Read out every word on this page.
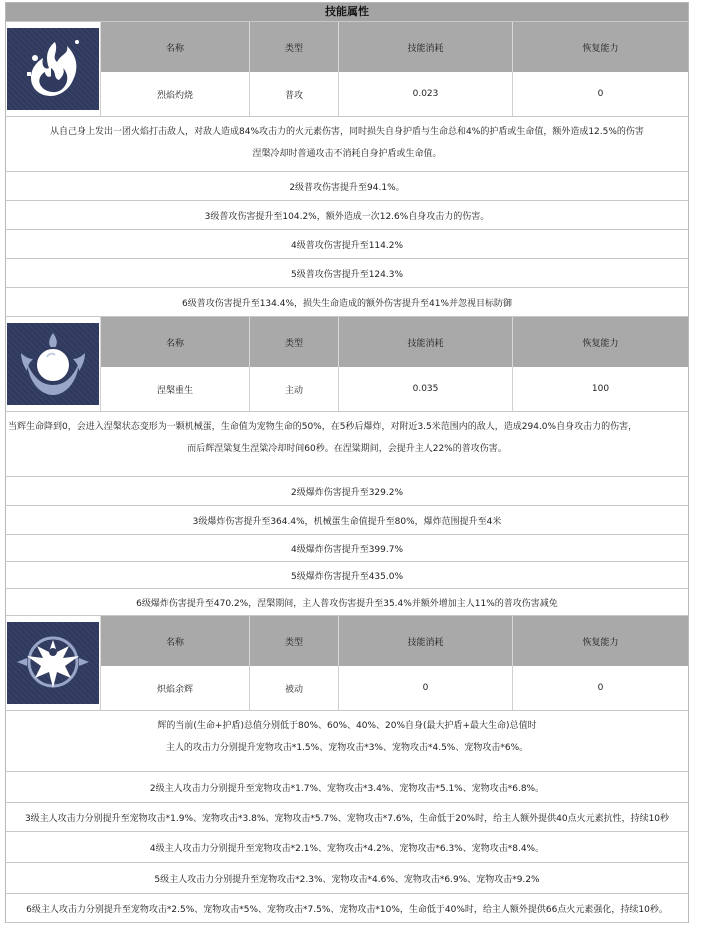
技能属性
名称	类型	技能消耗	恢复能力
烈焰灼烧	普攻	0.023	0
从自己身上发出一团火焰打击敌人，对敌人造成84%攻击力的火元素伤害，同时损失自身护盾与生命总和4%的护盾或生命值，额外造成12.5%的伤害
涅槃冷却时普通攻击不消耗自身护盾或生命值。
2级普攻伤害提升至94.1%。
3级普攻伤害提升至104.2%，额外造成一次12.6%自身攻击力的伤害。
4级普攻伤害提升至114.2%
5级普攻伤害提升至124.3%
6级普攻伤害提升至134.4%，损失生命造成的额外伤害提升至41%并忽视目标防御
名称	类型	技能消耗	恢复能力
涅槃重生	主动	0.035	100
当辉生命降到0，会进入涅槃状态变形为一颗机械蛋，生命值为宠物生命的50%，在5秒后爆炸，对附近3.5米范围内的敌人，造成294.0%自身攻击力的伤害，
而后辉涅粱复生涅粱冷却时间60秒。在涅粱期间，会提升主人22%的普攻伤害。
2级爆炸伤害提升至329.2%
3级爆炸伤害提升至364.4%，机械蛋生命值提升至80%，爆炸范围提升至4米
4级爆炸伤害提升至399.7%
5级爆炸伤害提升至435.0%
6级爆炸伤害提升至470.2%，涅槃期间，主人普攻伤害提升至35.4%并额外增加主人11%的普攻伤害减免
名称	类型	技能消耗	恢复能力
炽焰余辉	被动	0	0
辉的当前(生命+护盾)总值分别低于80%、60%、40%、20%自身(最大护盾+最大生命)总值时
主人的攻击力分别提升宠物攻击*1.5%、宠物攻击*3%、宠物攻击*4.5%、宠物攻击*6%。
2级主人攻击力分别提升至宠物攻击*1.7%、宠物攻击*3.4%、宠物攻击*5.1%、宠物攻击*6.8%。
3级主人攻击力分别提升至宠物攻击*1.9%、宠物攻击*3.8%、宠物攻击*5.7%、宠物攻击*7.6%，生命低于20%时，给主人额外提供40点火元素抗性，持续10秒
4级主人攻击力分别提升至宠物攻击*2.1%、宠物攻击*4.2%、宠物攻击*6.3%、宠物攻击*8.4%。
5级主人攻击力分别提升至宠物攻击*2.3%、宠物攻击*4.6%、宠物攻击*6.9%、宠物攻击*9.2%
6级主人攻击力分别提升至宠物攻击*2.5%、宠物攻击*5%、宠物攻击*7.5%、宠物攻击*10%，生命低于40%时，给主人额外提供66点火元素强化，持续10秒。
